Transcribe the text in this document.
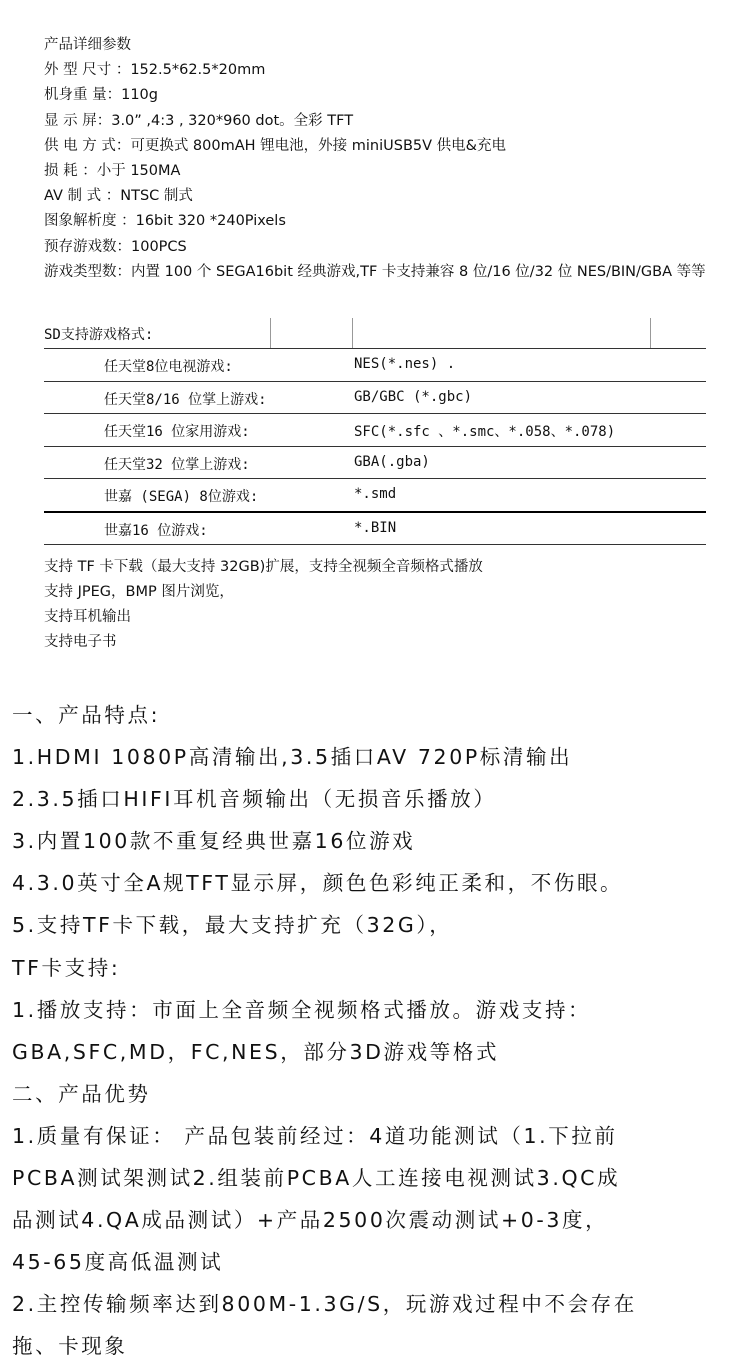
产品详细参数
外 型 尺寸 ：152.5*62.5*20mm
机身重 量：110g
显 示 屏：3.0” ,4:3 , 320*960 dot。全彩 TFT
供 电 方 式：可更换式 800mAH 锂电池，外接 miniUSB5V 供电&充电
损 耗 ：小于 150MA
AV 制 式 ：NTSC 制式
图象解析度 ：16bit 320 *240Pixels
预存游戏数：100PCS
游戏类型数：内置 100 个 SEGA16bit 经典游戏,TF 卡支持兼容 8 位/16 位/32 位 NES/BIN/GBA 等等
SD支持游戏格式:
任天堂8位电视游戏:	NES(*.nes) .
任天堂8/16 位掌上游戏:	GB/GBC (*.gbc)
任天堂16 位家用游戏:	SFC(*.sfc 、*.smc、*.058、*.078)
任天堂32 位掌上游戏:	GBA(.gba)
世嘉 (SEGA) 8位游戏:	*.smd
世嘉16 位游戏:	*.BIN
支持 TF 卡下载（最大支持 32GB)扩展，支持全视频全音频格式播放
支持 JPEG，BMP 图片浏览，
支持耳机输出
支持电子书
一、产品特点:
1.HDMI 1080P高清输出,3.5插口AV 720P标清输出
2.3.5插口HIFI耳机音频输出（无损音乐播放）
3.内置100款不重复经典世嘉16位游戏
4.3.0英寸全A规TFT显示屏，颜色色彩纯正柔和，不伤眼。
5.支持TF卡下载，最大支持扩充（32G），
TF卡支持:
1.播放支持：市面上全音频全视频格式播放。游戏支持：
GBA,SFC,MD，FC,NES，部分3D游戏等格式
二、产品优势
1.质量有保证： 产品包装前经过：4道功能测试（1.下拉前
PCBA测试架测试2.组装前PCBA人工连接电视测试3.QC成
品测试4.QA成品测试）+产品2500次震动测试+0-3度，
45-65度高低温测试
2.主控传输频率达到800M-1.3G/S，玩游戏过程中不会存在
拖、卡现象
